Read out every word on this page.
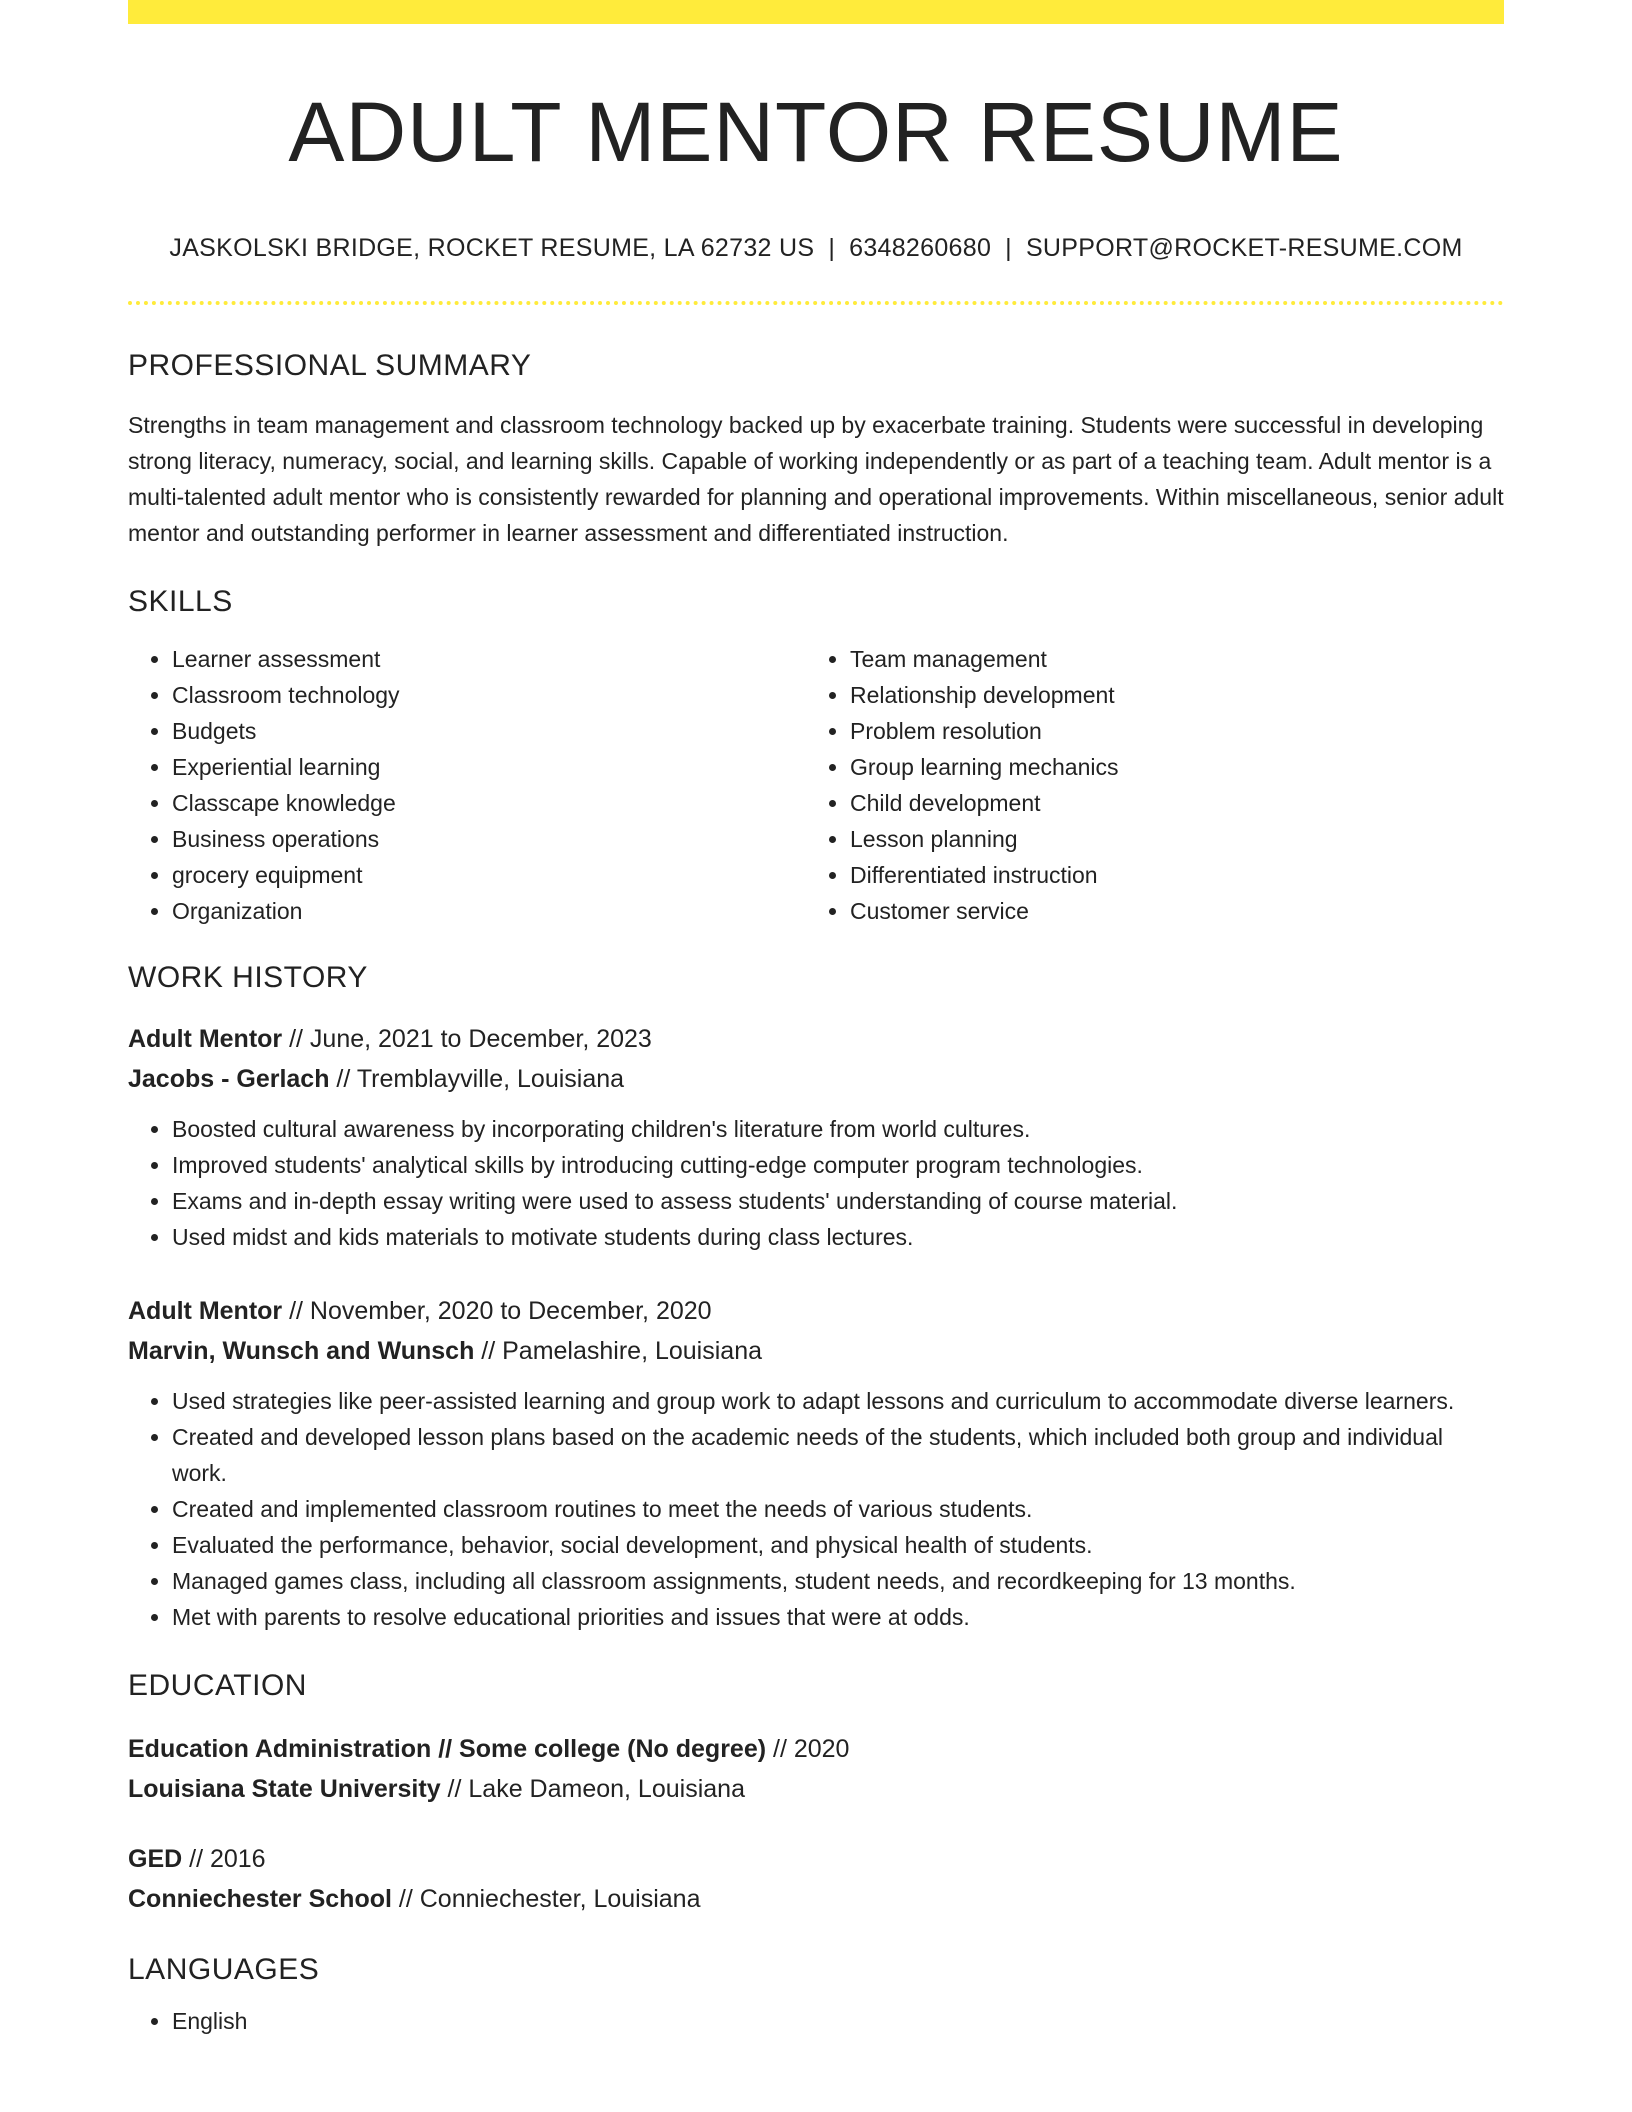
ADULT MENTOR RESUME
JASKOLSKI BRIDGE, ROCKET RESUME, LA 62732 US | 6348260680 | SUPPORT@ROCKET-RESUME.COM
PROFESSIONAL SUMMARY
Strengths in team management and classroom technology backed up by exacerbate training. Students were successful in developing strong literacy, numeracy, social, and learning skills. Capable of working independently or as part of a teaching team. Adult mentor is a multi-talented adult mentor who is consistently rewarded for planning and operational improvements. Within miscellaneous, senior adult mentor and outstanding performer in learner assessment and differentiated instruction.
SKILLS
• Learner assessment
• Classroom technology
• Budgets
• Experiential learning
• Classcape knowledge
• Business operations
• grocery equipment
• Organization
• Team management
• Relationship development
• Problem resolution
• Group learning mechanics
• Child development
• Lesson planning
• Differentiated instruction
• Customer service
WORK HISTORY
Adult Mentor // June, 2021 to December, 2023
Jacobs - Gerlach // Tremblayville, Louisiana
• Boosted cultural awareness by incorporating children's literature from world cultures.
• Improved students' analytical skills by introducing cutting-edge computer program technologies.
• Exams and in-depth essay writing were used to assess students' understanding of course material.
• Used midst and kids materials to motivate students during class lectures.
Adult Mentor // November, 2020 to December, 2020
Marvin, Wunsch and Wunsch // Pamelashire, Louisiana
• Used strategies like peer-assisted learning and group work to adapt lessons and curriculum to accommodate diverse learners.
• Created and developed lesson plans based on the academic needs of the students, which included both group and individual work.
• Created and implemented classroom routines to meet the needs of various students.
• Evaluated the performance, behavior, social development, and physical health of students.
• Managed games class, including all classroom assignments, student needs, and recordkeeping for 13 months.
• Met with parents to resolve educational priorities and issues that were at odds.
EDUCATION
Education Administration // Some college (No degree) // 2020
Louisiana State University // Lake Dameon, Louisiana
GED // 2016
Conniechester School // Conniechester, Louisiana
LANGUAGES
• English
